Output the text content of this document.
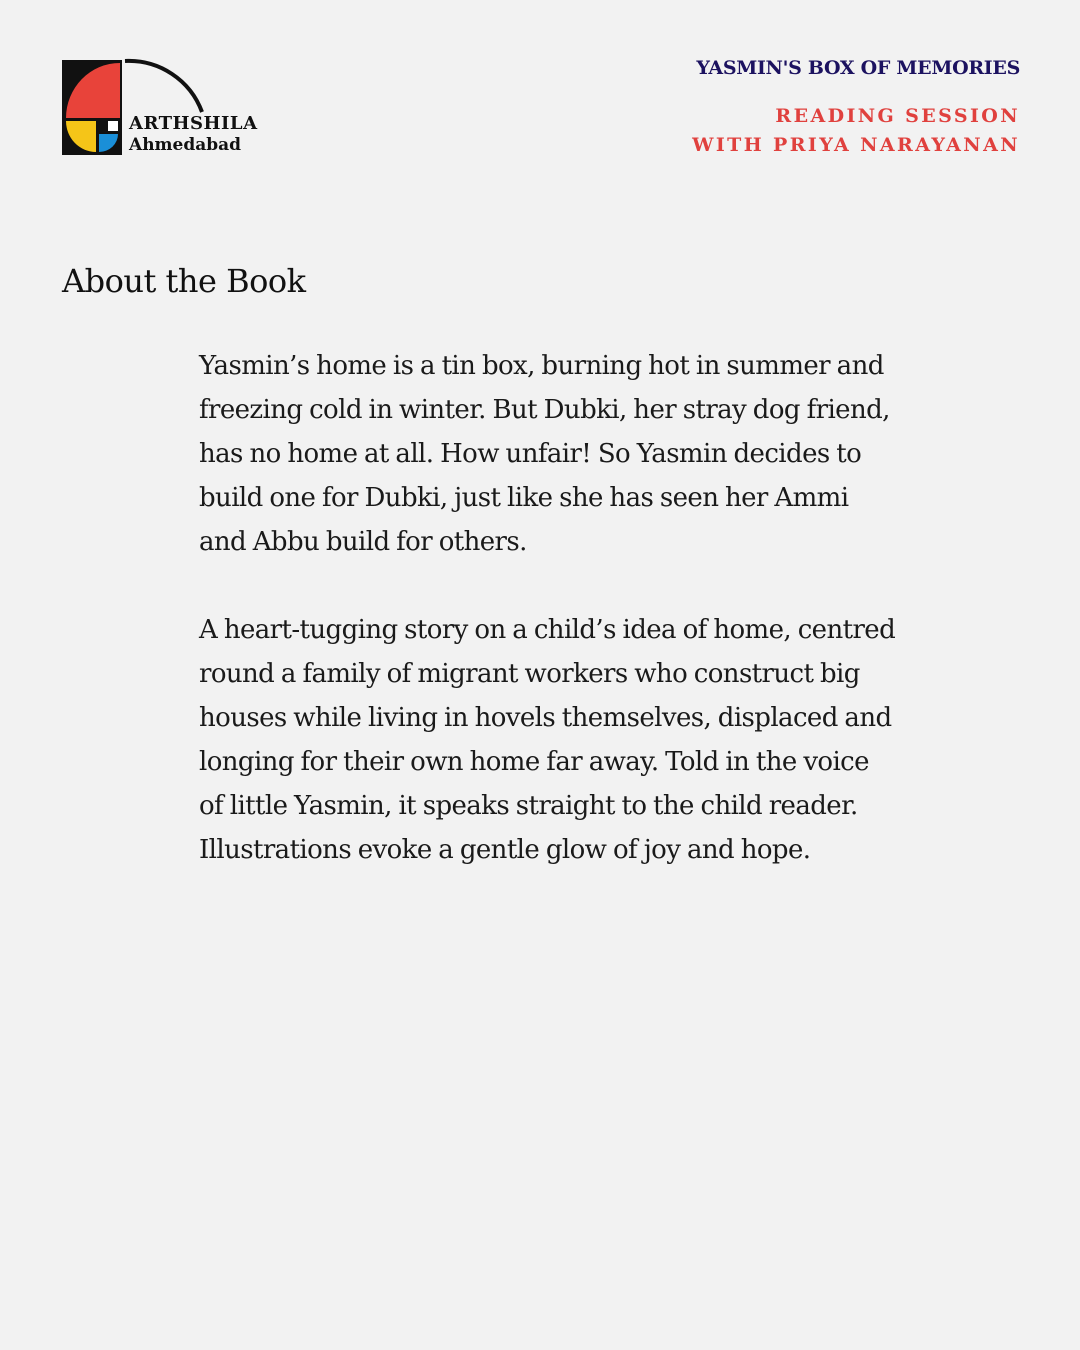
ARTHSHILA
Ahmedabad
YASMIN'S BOX OF MEMORIES
READING SESSION
WITH PRIYA NARAYANAN
About the Book

Yasmin’s home is a tin box, burning hot in summer and freezing cold in winter. But Dubki, her stray dog friend, has no home at all. How unfair! So Yasmin decides to build one for Dubki, just like she has seen her Ammi and Abbu build for others.

A heart-tugging story on a child’s idea of home, centred round a family of migrant workers who construct big houses while living in hovels themselves, displaced and longing for their own home far away. Told in the voice of little Yasmin, it speaks straight to the child reader. Illustrations evoke a gentle glow of joy and hope.
